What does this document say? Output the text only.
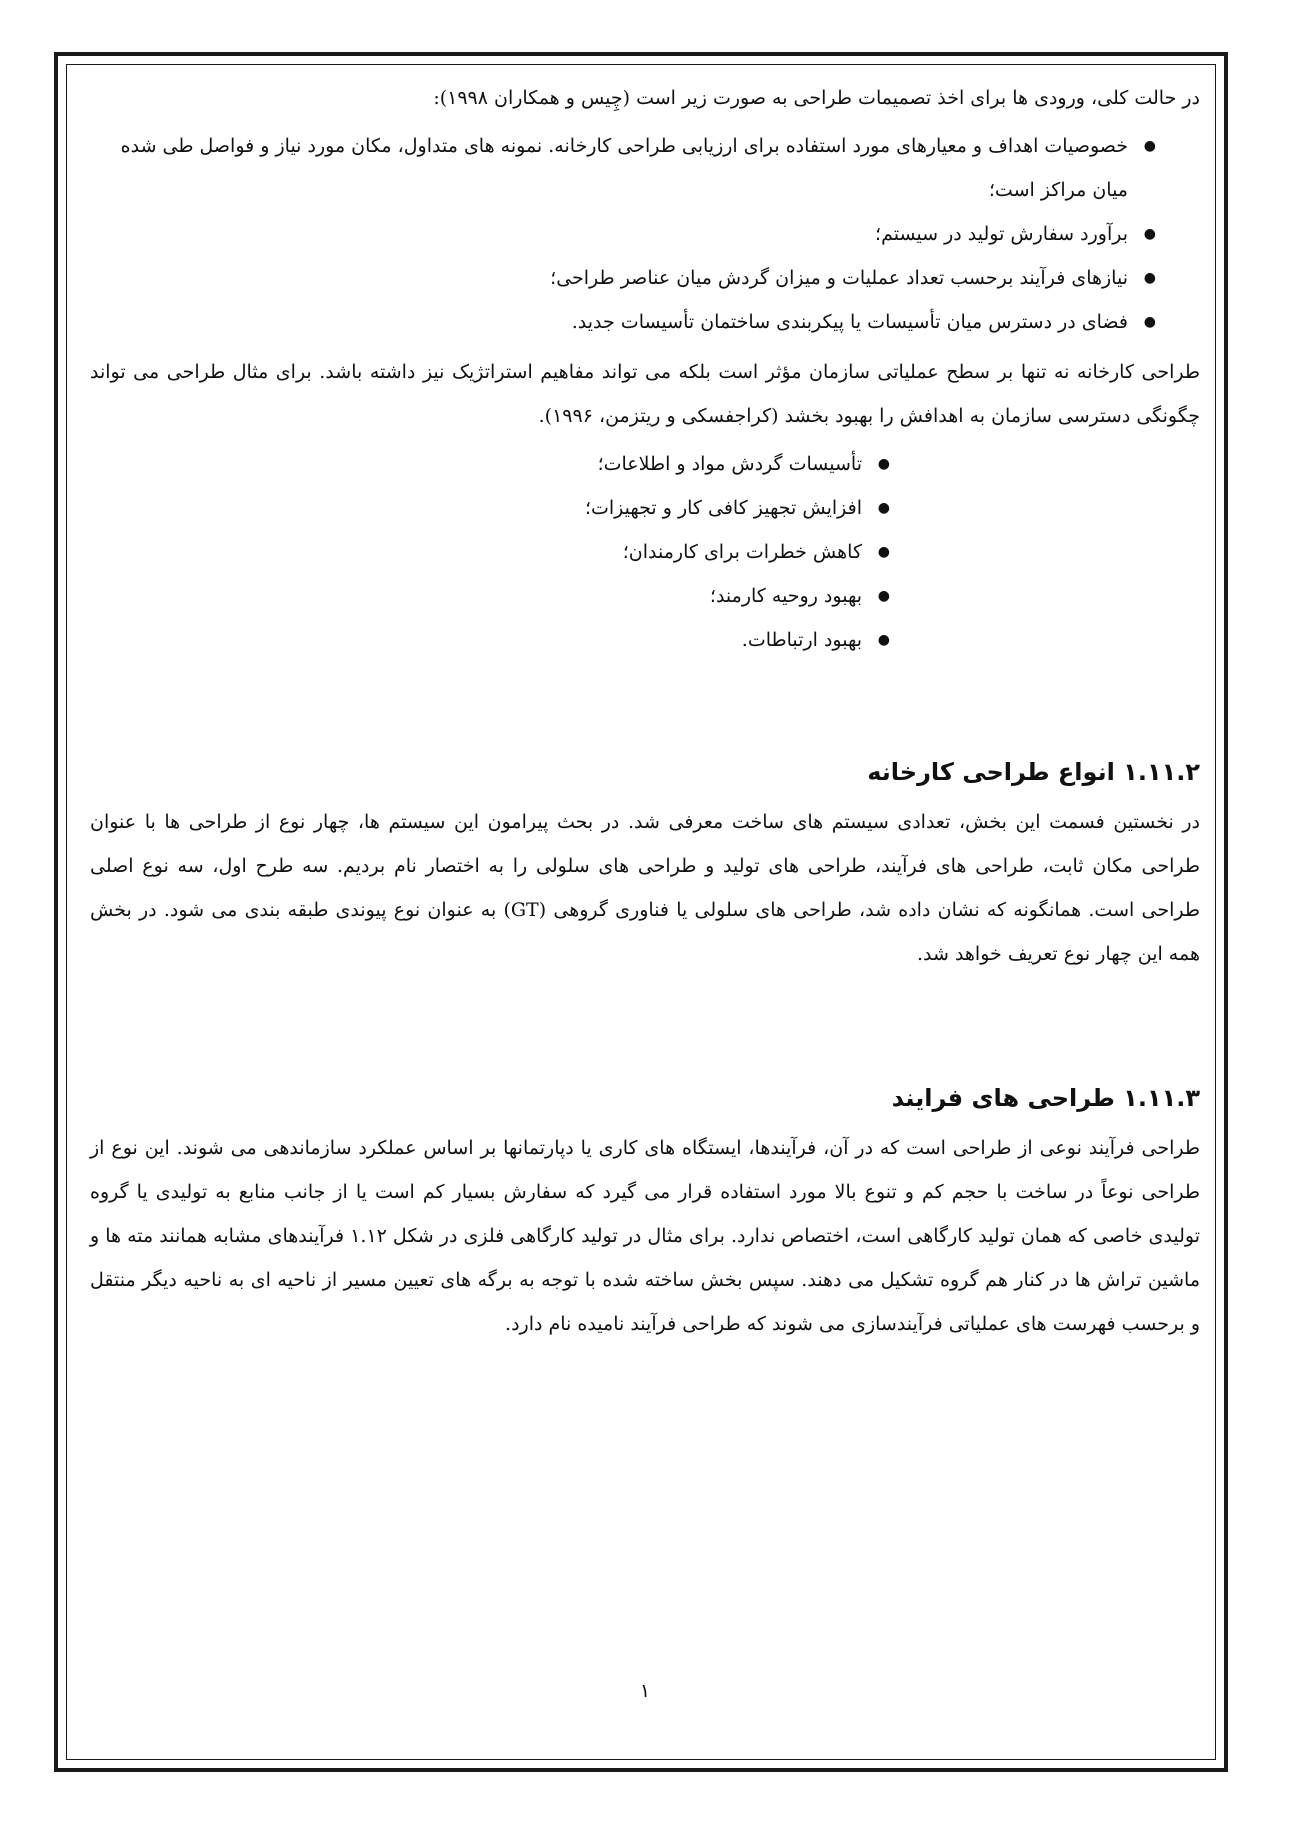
در حالت کلی، ورودی ها برای اخذ تصمیمات طراحی به صورت زیر است (چِیس و همکاران ۱۹۹۸):

● خصوصیات اهداف و معیارهای مورد استفاده برای ارزیابی طراحی کارخانه. نمونه های متداول، مکان مورد نیاز و فواصل طی شده میان مراکز است؛
● برآورد سفارش تولید در سیستم؛
● نیازهای فرآیند برحسب تعداد عملیات و میزان گردش میان عناصر طراحی؛
● فضای در دسترس میان تأسیسات یا پیکربندی ساختمان تأسیسات جدید.

طراحی کارخانه نه تنها بر سطح عملیاتی سازمان مؤثر است بلکه می تواند مفاهیم استراتژیک نیز داشته باشد. برای مثال طراحی می تواند چگونگی دسترسی سازمان به اهدافش را بهبود بخشد (کراجفسکی و ریتزمن، ۱۹۹۶).

● تأسیسات گردش مواد و اطلاعات؛
● افزایش تجهیز کافی کار و تجهیزات؛
● کاهش خطرات برای کارمندان؛
● بهبود روحیه کارمند؛
● بهبود ارتباطات.
۱.۱۱.۲ انواع طراحی کارخانه

در نخستین فسمت این بخش، تعدادی سیستم های ساخت معرفی شد. در بحث پیرامون این سیستم ها، چهار نوع از طراحی ها با عنوان طراحی مکان ثابت، طراحی های فرآیند، طراحی های تولید و طراحی های سلولی را به اختصار نام بردیم. سه طرح اول، سه نوع اصلی طراحی است. همانگونه که نشان داده شد، طراحی های سلولی یا فناوری گروهی (GT) به عنوان نوع پیوندی طبقه بندی می شود. در بخش همه این چهار نوع تعریف خواهد شد.

۱.۱۱.۳ طراحی های فرایند

طراحی فرآیند نوعی از طراحی است که در آن، فرآیندها، ایستگاه های کاری یا دپارتمانها بر اساس عملکرد سازماندهی می شوند. این نوع از طراحی نوعاً در ساخت با حجم کم و تنوع بالا مورد استفاده قرار می گیرد که سفارش بسیار کم است یا از جانب منابع به تولیدی یا گروه تولیدی خاصی که همان تولید کارگاهی است، اختصاص ندارد. برای مثال در تولید کارگاهی فلزی در شکل ۱.۱۲ فرآیندهای مشابه همانند مته ها و ماشین تراش ها در کنار هم گروه تشکیل می دهند. سپس بخش ساخته شده با توجه به برگه های تعیین مسیر از ناحیه ای به ناحیه دیگر منتقل و برحسب فهرست های عملیاتی فرآیندسازی می شوند که طراحی فرآیند نامیده نام دارد.

۱
